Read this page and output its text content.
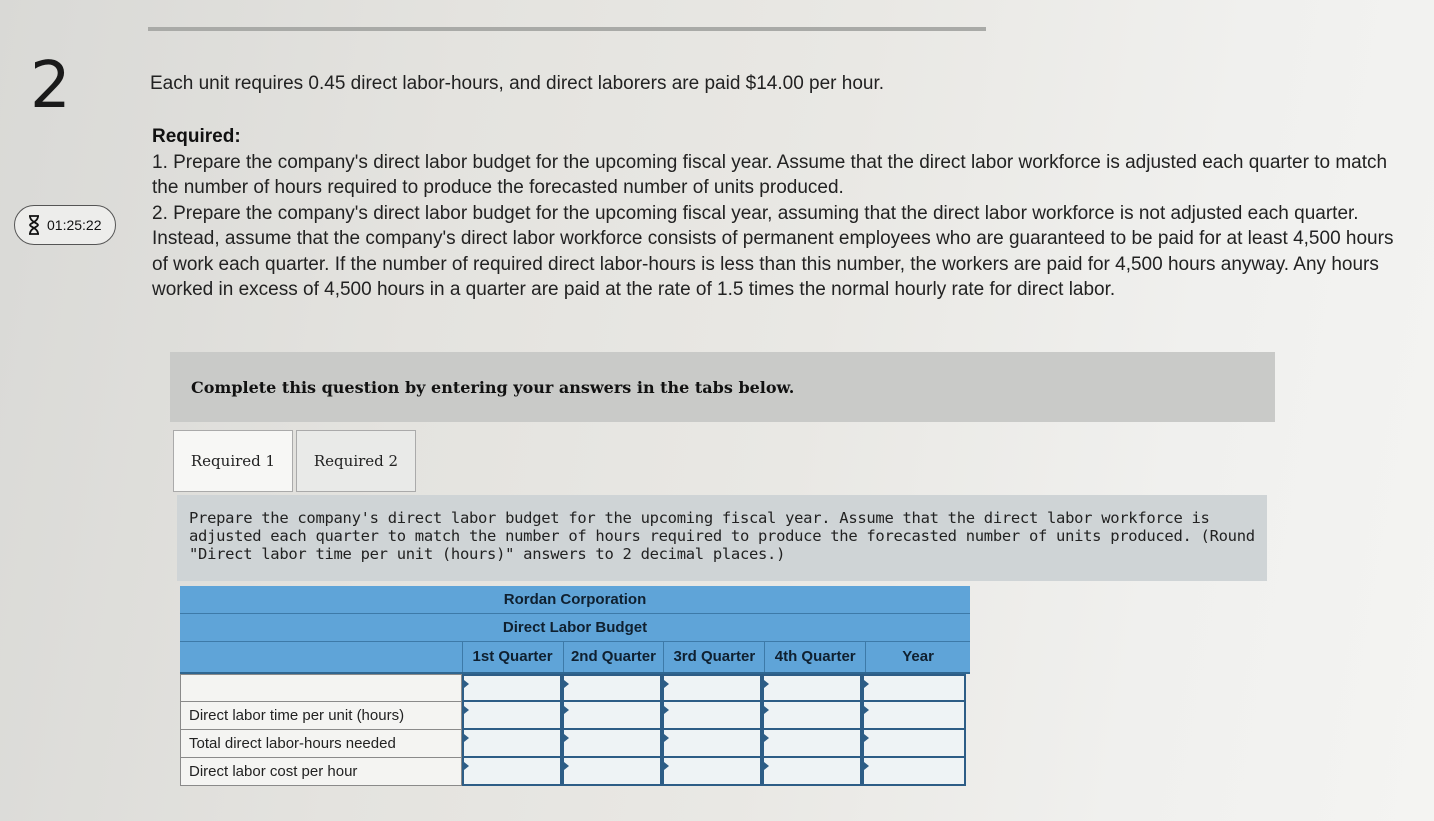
2
01:25:22
Each unit requires 0.45 direct labor-hours, and direct laborers are paid $14.00 per hour.
Required:

1. Prepare the company's direct labor budget for the upcoming fiscal year. Assume that the direct labor workforce is adjusted each quarter to match the number of hours required to produce the forecasted number of units produced.

2. Prepare the company's direct labor budget for the upcoming fiscal year, assuming that the direct labor workforce is not adjusted each quarter. Instead, assume that the company's direct labor workforce consists of permanent employees who are guaranteed to be paid for at least 4,500 hours of work each quarter. If the number of required direct labor-hours is less than this number, the workers are paid for 4,500 hours anyway. Any hours worked in excess of 4,500 hours in a quarter are paid at the rate of 1.5 times the normal hourly rate for direct labor.

Complete this question by entering your answers in the tabs below.
Required 1	Required 2
Prepare the company's direct labor budget for the upcoming fiscal year. Assume that the direct labor workforce is adjusted each quarter to match the number of hours required to produce the forecasted number of units produced. (Round "Direct labor time per unit (hours)" answers to 2 decimal places.)
Rordan Corporation
Direct Labor Budget
1st Quarter	2nd Quarter	3rd Quarter	4th Quarter	Year
Direct labor time per unit (hours)
Total direct labor-hours needed
Direct labor cost per hour
